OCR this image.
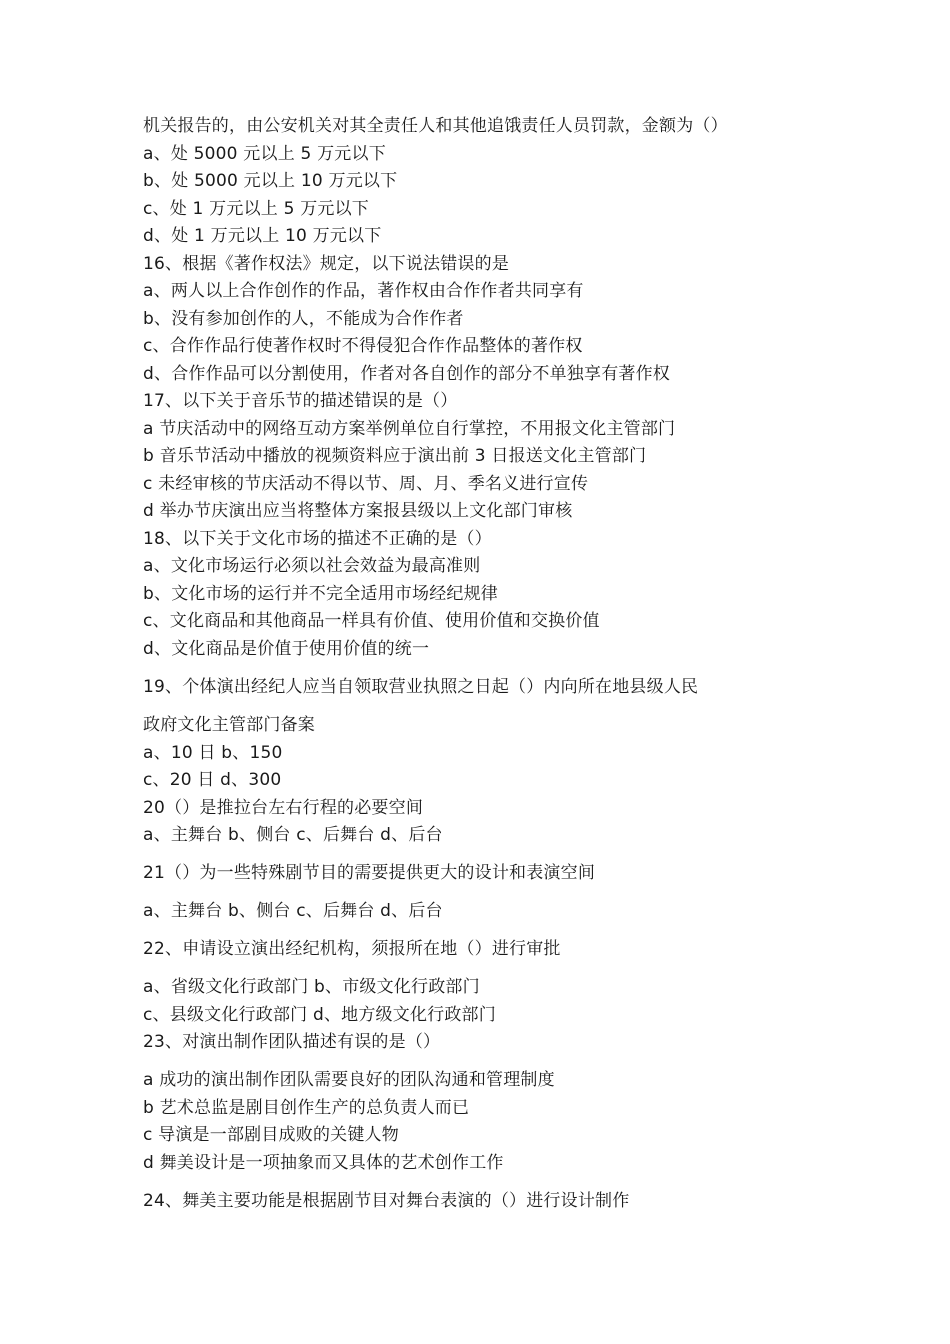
机关报告的，由公安机关对其全责任人和其他追饿责任人员罚款，金额为（）
a、处 5000 元以上 5 万元以下
b、处 5000 元以上 10 万元以下
c、处 1 万元以上 5 万元以下
d、处 1 万元以上 10 万元以下
16、根据《著作权法》规定，以下说法错误的是
a、两人以上合作创作的作品，著作权由合作作者共同享有
b、没有参加创作的人，不能成为合作作者
c、合作作品行使著作权时不得侵犯合作作品整体的著作权
d、合作作品可以分割使用，作者对各自创作的部分不单独享有著作权
17、以下关于音乐节的描述错误的是（）
a 节庆活动中的网络互动方案举例单位自行掌控，不用报文化主管部门
b 音乐节活动中播放的视频资料应于演出前 3 日报送文化主管部门
c 未经审核的节庆活动不得以节、周、月、季名义进行宣传
d 举办节庆演出应当将整体方案报县级以上文化部门审核
18、以下关于文化市场的描述不正确的是（）
a、文化市场运行必须以社会效益为最高准则
b、文化市场的运行并不完全适用市场经纪规律
c、文化商品和其他商品一样具有价值、使用价值和交换价值
d、文化商品是价值于使用价值的统一
19、个体演出经纪人应当自领取营业执照之日起（）内向所在地县级人民
政府文化主管部门备案
a、10 日 b、150
c、20 日 d、300
20（）是推拉台左右行程的必要空间
a、主舞台 b、侧台 c、后舞台 d、后台
21（）为一些特殊剧节目的需要提供更大的设计和表演空间
a、主舞台 b、侧台 c、后舞台 d、后台
22、申请设立演出经纪机构，须报所在地（）进行审批
a、省级文化行政部门 b、市级文化行政部门
c、县级文化行政部门 d、地方级文化行政部门
23、对演出制作团队描述有误的是（）
a 成功的演出制作团队需要良好的团队沟通和管理制度
b 艺术总监是剧目创作生产的总负责人而已
c 导演是一部剧目成败的关键人物
d 舞美设计是一项抽象而又具体的艺术创作工作
24、舞美主要功能是根据剧节目对舞台表演的（）进行设计制作
